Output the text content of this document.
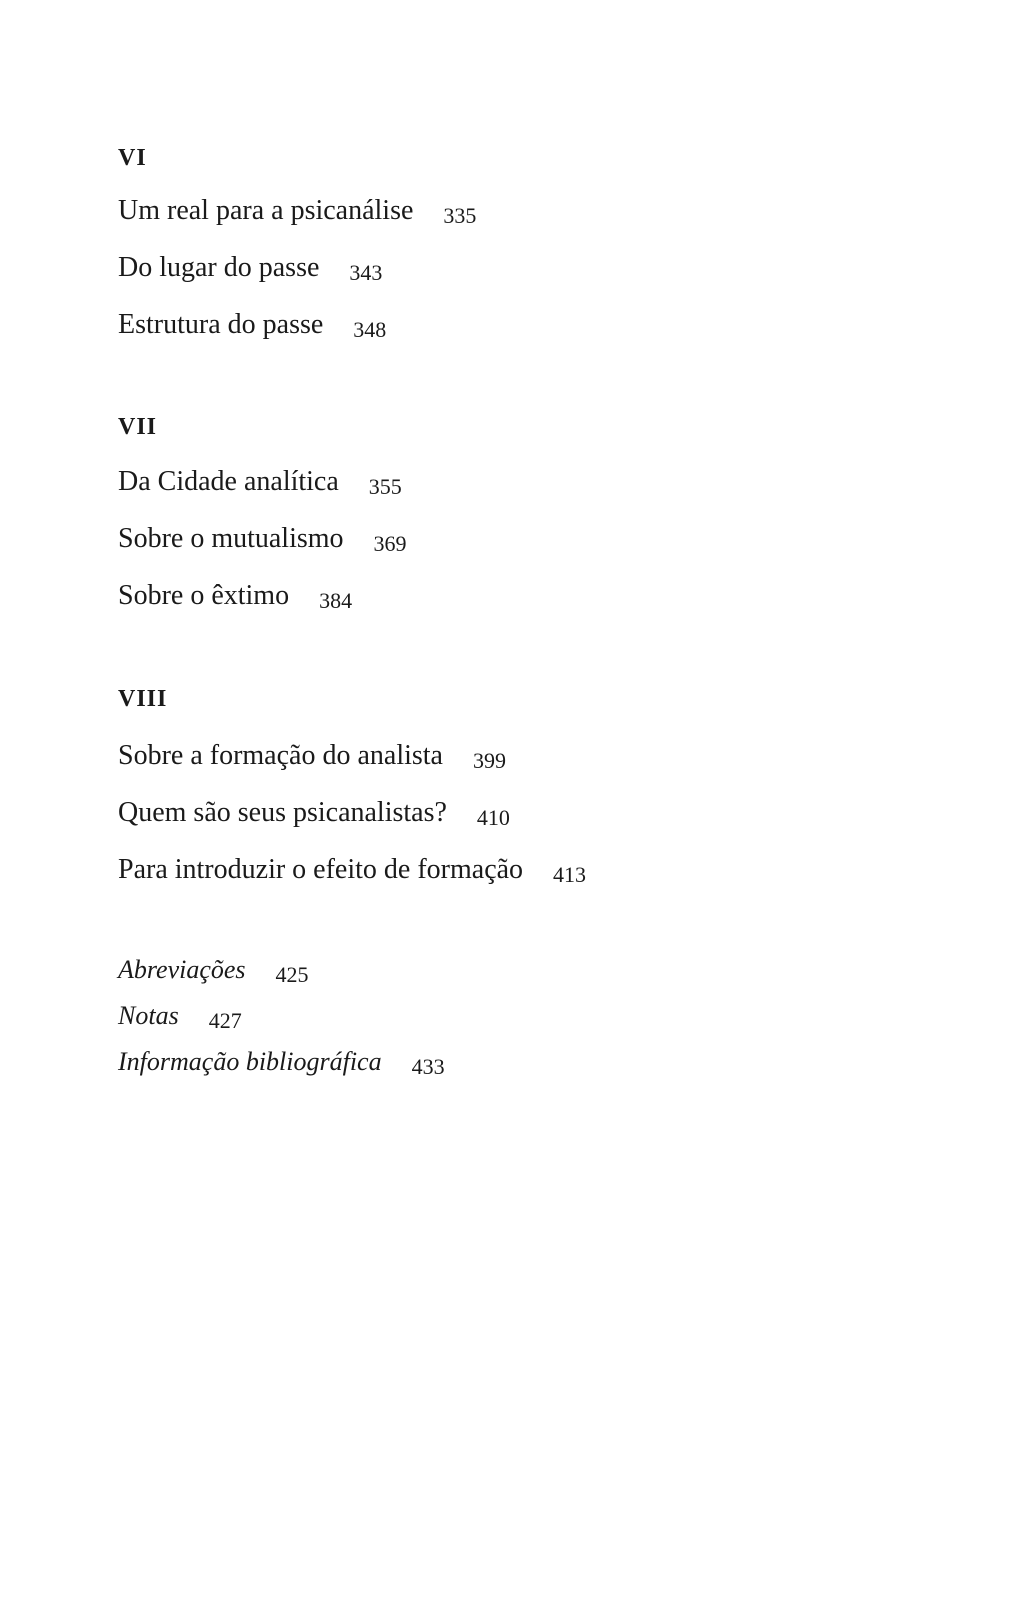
VI
Um real para a psicanálise 335
Do lugar do passe 343
Estrutura do passe 348
VII
Da Cidade analítica 355
Sobre o mutualismo 369
Sobre o êxtimo 384
VIII
Sobre a formação do analista 399
Quem são seus psicanalistas? 410
Para introduzir o efeito de formação 413
Abreviações 425
Notas 427
Informação bibliográfica 433
